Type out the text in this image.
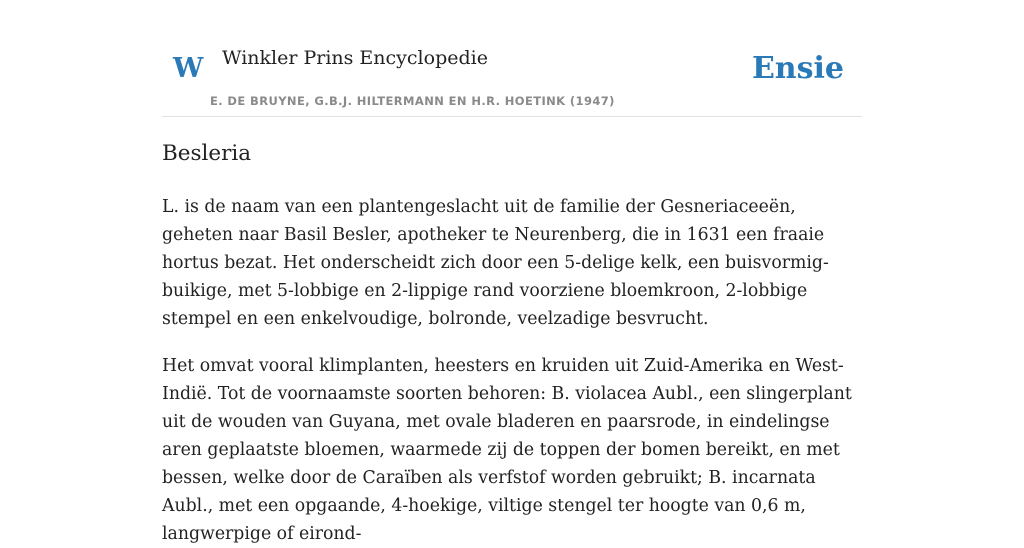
W Winkler Prins Encyclopedie
E. DE BRUYNE, G.B.J. HILTERMANN EN H.R. HOETINK (1947)
Ensie
Besleria

L. is de naam van een plantengeslacht uit de familie der Gesneriaceeën, geheten naar Basil Besler, apotheker te Neurenberg, die in 1631 een fraaie hortus bezat. Het onderscheidt zich door een 5-delige kelk, een buisvormig-buikige, met 5-lobbige en 2-lippige rand voorziene bloemkroon, 2-lobbige stempel en een enkelvoudige, bolronde, veelzadige besvrucht.

Het omvat vooral klimplanten, heesters en kruiden uit Zuid-Amerika en West-Indië. Tot de voornaamste soorten behoren: B. violacea Aubl., een slingerplant uit de wouden van Guyana, met ovale bladeren en paarsrode, in eindelingse aren geplaatste bloemen, waarmede zij de toppen der bomen bereikt, en met bessen, welke door de Caraïben als verfstof worden gebruikt; B. incarnata Aubl., met een opgaande, 4-hoekige, viltige stengel ter hoogte van 0,6 m, langwerpige of eirond-
